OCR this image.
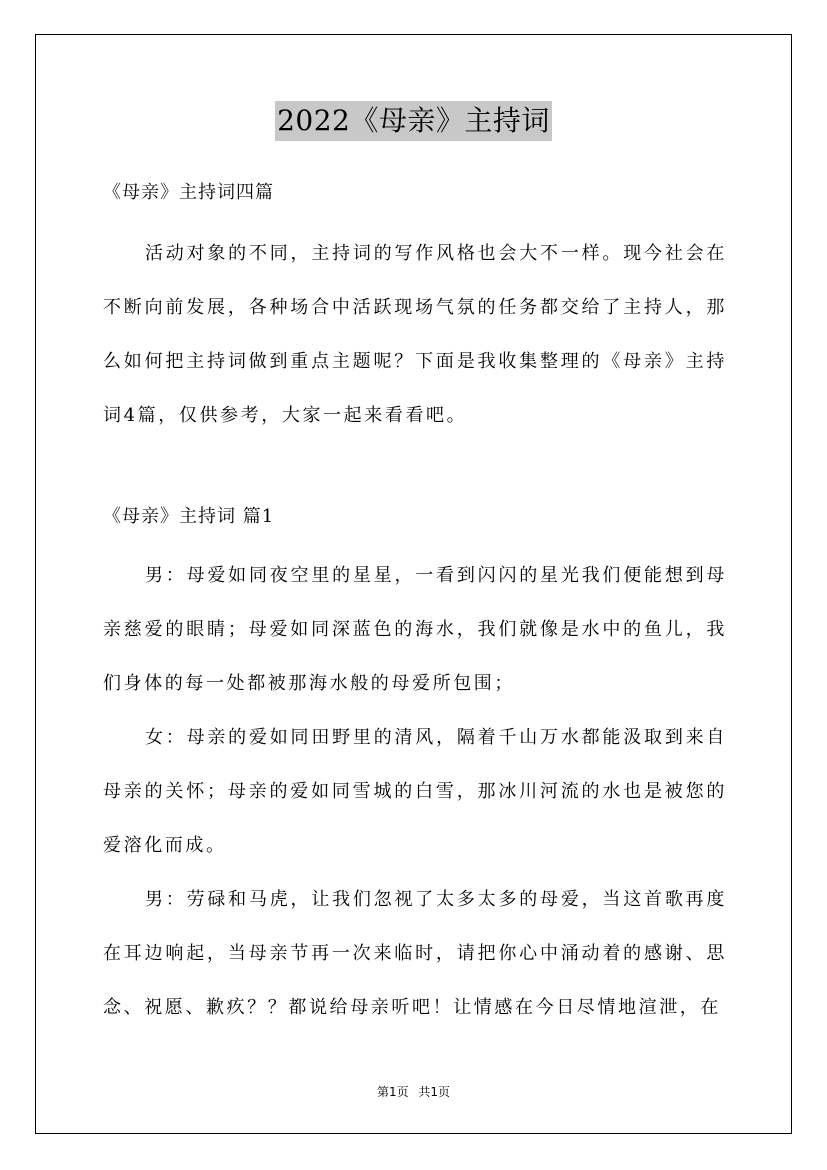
2022《母亲》主持词
《母亲》主持词四篇

活动对象的不同，主持词的写作风格也会大不一样。现今社会在不断向前发展，各种场合中活跃现场气氛的任务都交给了主持人，那么如何把主持词做到重点主题呢？下面是我收集整理的《母亲》主持词4篇，仅供参考，大家一起来看看吧。

《母亲》主持词 篇1

男：母爱如同夜空里的星星，一看到闪闪的星光我们便能想到母亲慈爱的眼睛；母爱如同深蓝色的海水，我们就像是水中的鱼儿，我们身体的每一处都被那海水般的母爱所包围；

女：母亲的爱如同田野里的清风，隔着千山万水都能汲取到来自母亲的关怀；母亲的爱如同雪城的白雪，那冰川河流的水也是被您的爱溶化而成。

男：劳碌和马虎，让我们忽视了太多太多的母爱，当这首歌再度在耳边响起，当母亲节再一次来临时，请把你心中涌动着的感谢、思念、祝愿、歉疚？？都说给母亲听吧！让情感在今日尽情地渲泄，在

第1页 共1页
